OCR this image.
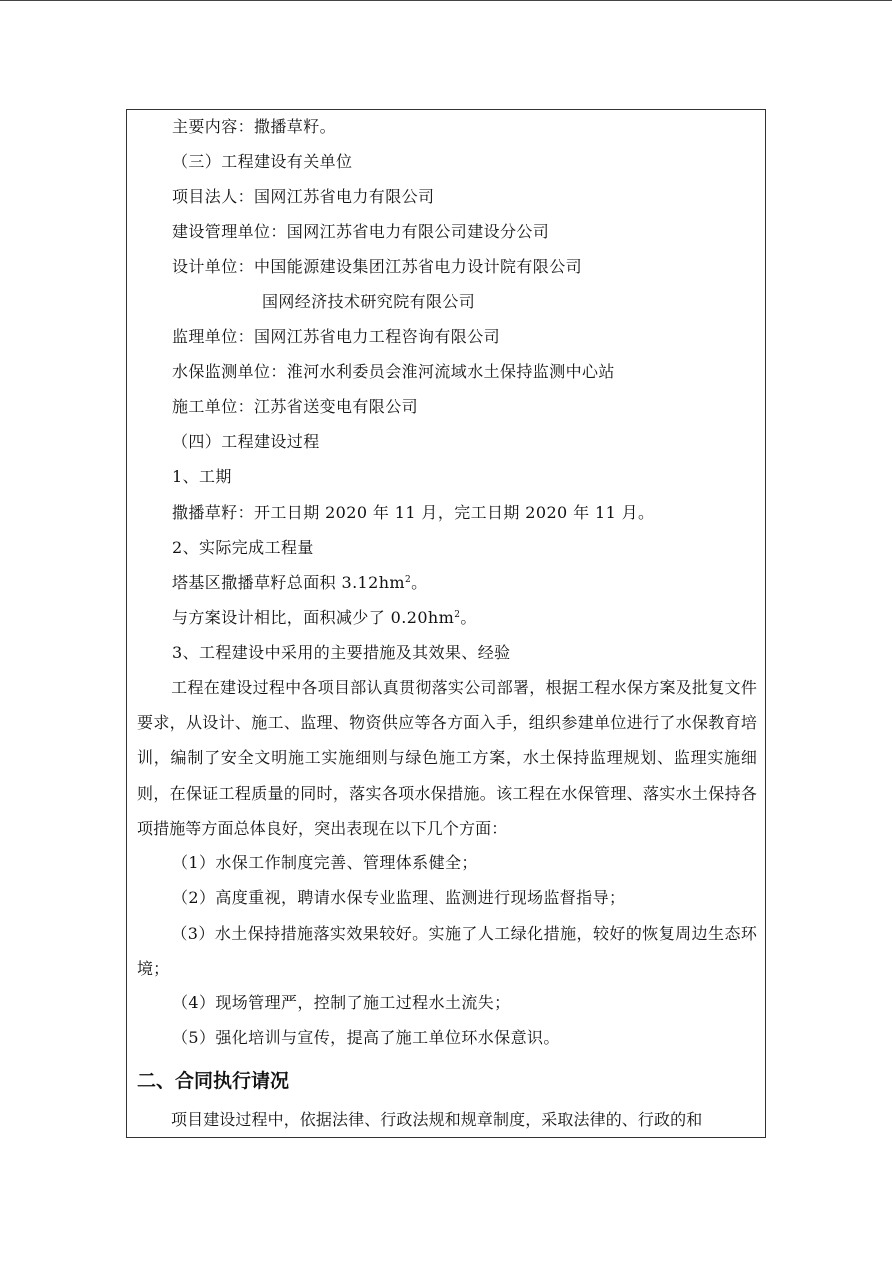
主要内容：撒播草籽。
（三）工程建设有关单位
项目法人：国网江苏省电力有限公司
建设管理单位：国网江苏省电力有限公司建设分公司
设计单位：中国能源建设集团江苏省电力设计院有限公司
国网经济技术研究院有限公司
监理单位：国网江苏省电力工程咨询有限公司
水保监测单位：淮河水利委员会淮河流域水土保持监测中心站
施工单位：江苏省送变电有限公司
（四）工程建设过程
1、工期
撒播草籽：开工日期 2020 年 11 月，完工日期 2020 年 11 月。
2、实际完成工程量
塔基区撒播草籽总面积 $3.12hm^2$。
与方案设计相比，面积减少了 $0.20hm^2$。
3、工程建设中采用的主要措施及其效果、经验
工程在建设过程中各项目部认真贯彻落实公司部署，根据工程水保方案及批复文件要求，从设计、施工、监理、物资供应等各方面入手，组织参建单位进行了水保教育培训，编制了安全文明施工实施细则与绿色施工方案，水土保持监理规划、监理实施细则，在保证工程质量的同时，落实各项水保措施。该工程在水保管理、落实水土保持各项措施等方面总体良好，突出表现在以下几个方面：
（1）水保工作制度完善、管理体系健全；
（2）高度重视，聘请水保专业监理、监测进行现场监督指导；
（3）水土保持措施落实效果较好。实施了人工绿化措施，较好的恢复周边生态环境；
（4）现场管理严，控制了施工过程水土流失；
（5）强化培训与宣传，提高了施工单位环水保意识。
二、合同执行请况
项目建设过程中，依据法律、行政法规和规章制度，采取法律的、行政的和
